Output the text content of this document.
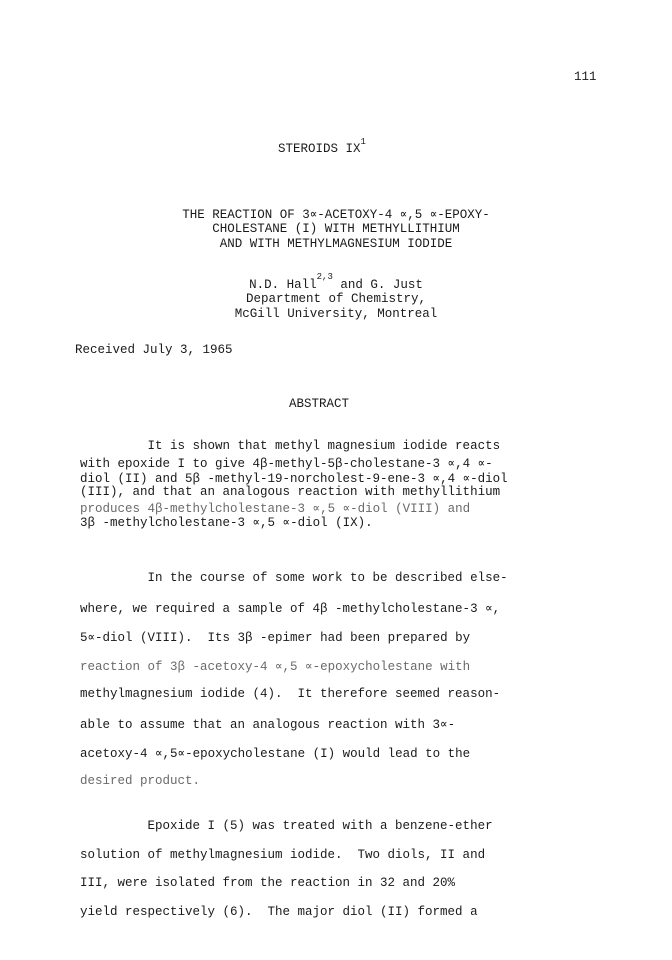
111
STEROIDS $IX^1$
THE REACTION OF 3∝-ACETOXY-4 ∝,5 ∝-EPOXY-
CHOLESTANE (I) WITH METHYLLITHIUM
AND WITH METHYLMAGNESIUM IODIDE
N.D. Hall$^{2,3}$ and G. Just
Department of Chemistry,
McGill University, Montreal
Received July 3, 1965
ABSTRACT
It is shown that methyl magnesium iodide reacts
with epoxide I to give 4β-methyl-5β-cholestane-3 ∝,4 ∝-
diol (II) and 5β -methyl-19-norcholest-9-ene-3 ∝,4 ∝-diol
(III), and that an analogous reaction with methyllithium
produces 4β-methylcholestane-3 ∝,5 ∝-diol (VIII) and
3β -methylcholestane-3 ∝,5 ∝-diol (IX).
In the course of some work to be described else-
where, we required a sample of 4β -methylcholestane-3 ∝,
5∝-diol (VIII).  Its 3β -epimer had been prepared by
reaction of 3β -acetoxy-4 ∝,5 ∝-epoxycholestane with
methylmagnesium iodide (4).  It therefore seemed reason-
able to assume that an analogous reaction with 3∝-
acetoxy-4 ∝,5∝-epoxycholestane (I) would lead to the
desired product.
Epoxide I (5) was treated with a benzene-ether
solution of methylmagnesium iodide.  Two diols, II and
III, were isolated from the reaction in 32 and 20%
yield respectively (6).  The major diol (II) formed a
